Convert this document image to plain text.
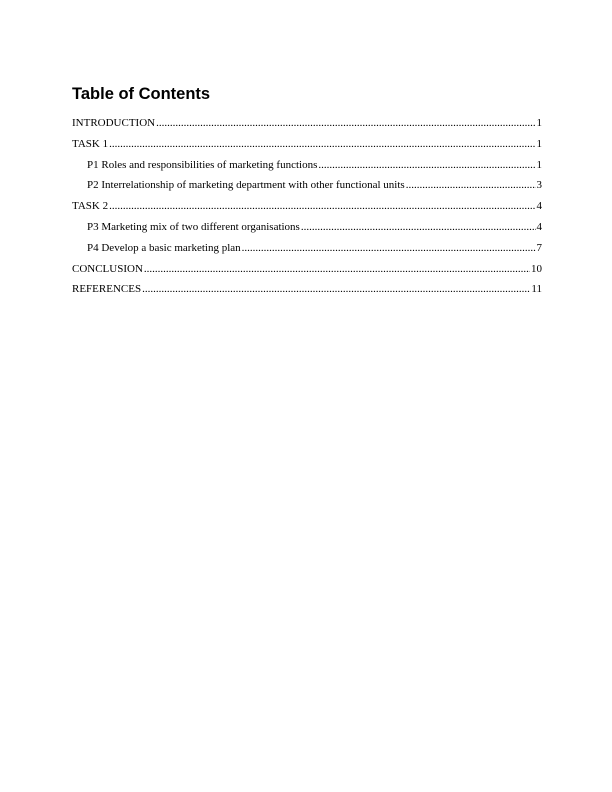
Table of Contents
INTRODUCTION .....	1
TASK 1 .....	1
P1 Roles and responsibilities of marketing functions .....	1
P2 Interrelationship of marketing department with other functional units .....	3
TASK 2 .....	4
P3 Marketing mix of two different organisations .....	4
P4 Develop a basic marketing plan .....	7
CONCLUSION .....	10
REFERENCES .....	11
